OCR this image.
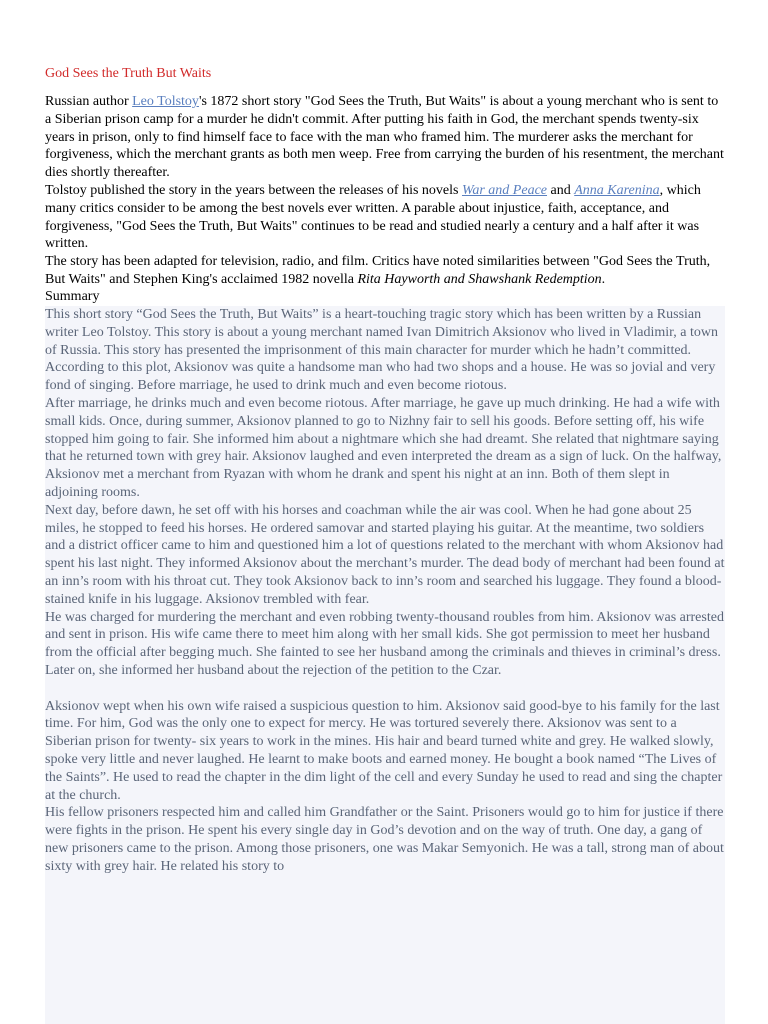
God Sees the Truth But Waits

Russian author Leo Tolstoy's 1872 short story "God Sees the Truth, But Waits" is about a young merchant who is sent to a Siberian prison camp for a murder he didn't commit. After putting his faith in God, the merchant spends twenty-six years in prison, only to find himself face to face with the man who framed him. The murderer asks the merchant for forgiveness, which the merchant grants as both men weep. Free from carrying the burden of his resentment, the merchant dies shortly thereafter.

Tolstoy published the story in the years between the releases of his novels War and Peace and Anna Karenina, which many critics consider to be among the best novels ever written. A parable about injustice, faith, acceptance, and forgiveness, "God Sees the Truth, But Waits" continues to be read and studied nearly a century and a half after it was written.

The story has been adapted for television, radio, and film. Critics have noted similarities between "God Sees the Truth, But Waits" and Stephen King's acclaimed 1982 novella Rita Hayworth and Shawshank Redemption.

Summary

This short story “God Sees the Truth, But Waits” is a heart-touching tragic story which has been written by a Russian writer Leo Tolstoy. This story is about a young merchant named Ivan Dimitrich Aksionov who lived in Vladimir, a town of Russia. This story has presented the imprisonment of this main character for murder which he hadn’t committed. According to this plot, Aksionov was quite a handsome man who had two shops and a house. He was so jovial and very fond of singing. Before marriage, he used to drink much and even become riotous.

After marriage, he drinks much and even become riotous. After marriage, he gave up much drinking. He had a wife with small kids. Once, during summer, Aksionov planned to go to Nizhny fair to sell his goods. Before setting off, his wife stopped him going to fair. She informed him about a nightmare which she had dreamt. She related that nightmare saying that he returned town with grey hair. Aksionov laughed and even interpreted the dream as a sign of luck. On the halfway, Aksionov met a merchant from Ryazan with whom he drank and spent his night at an inn. Both of them slept in adjoining rooms.

Next day, before dawn, he set off with his horses and coachman while the air was cool. When he had gone about 25 miles, he stopped to feed his horses. He ordered samovar and started playing his guitar. At the meantime, two soldiers and a district officer came to him and questioned him a lot of questions related to the merchant with whom Aksionov had spent his last night. They informed Aksionov about the merchant’s murder. The dead body of merchant had been found at an inn’s room with his throat cut. They took Aksionov back to inn’s room and searched his luggage. They found a blood-stained knife in his luggage. Aksionov trembled with fear.

He was charged for murdering the merchant and even robbing twenty-thousand roubles from him. Aksionov was arrested and sent in prison. His wife came there to meet him along with her small kids. She got permission to meet her husband from the official after begging much. She fainted to see her husband among the criminals and thieves in criminal’s dress. Later on, she informed her husband about the rejection of the petition to the Czar.

Aksionov wept when his own wife raised a suspicious question to him. Aksionov said good-bye to his family for the last time. For him, God was the only one to expect for mercy. He was tortured severely there. Aksionov was sent to a Siberian prison for twenty- six years to work in the mines. His hair and beard turned white and grey. He walked slowly, spoke very little and never laughed. He learnt to make boots and earned money. He bought a book named “The Lives of the Saints”. He used to read the chapter in the dim light of the cell and every Sunday he used to read and sing the chapter at the church.

His fellow prisoners respected him and called him Grandfather or the Saint. Prisoners would go to him for justice if there were fights in the prison. He spent his every single day in God’s devotion and on the way of truth. One day, a gang of new prisoners came to the prison. Among those prisoners, one was Makar Semyonich. He was a tall, strong man of about sixty with grey hair. He related his story to
